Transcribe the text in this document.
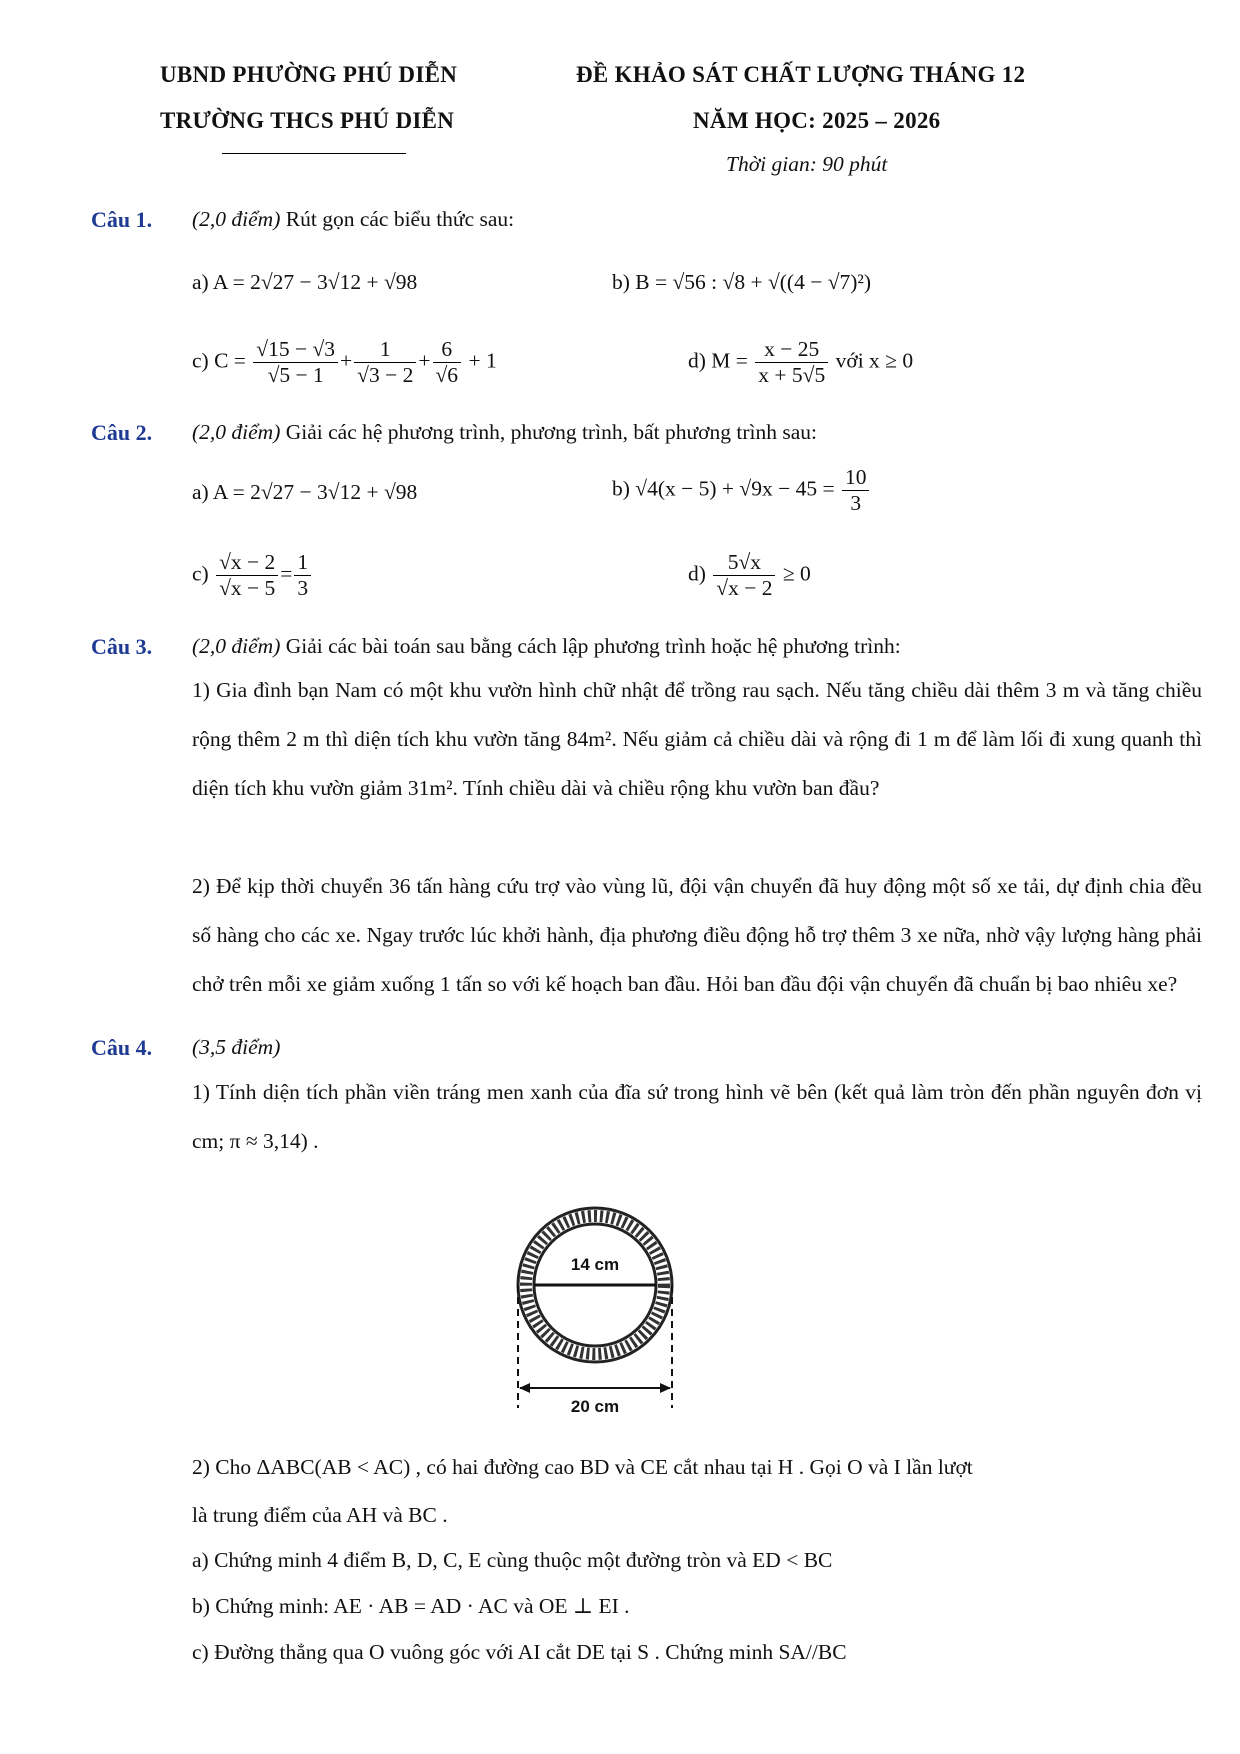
UBND PHƯỜNG PHÚ DIỄN
TRƯỜNG THCS PHÚ DIỄN
ĐỀ KHẢO SÁT CHẤT LƯỢNG THÁNG 12
NĂM HỌC: 2025 – 2026
Thời gian: 90 phút
Câu 1. (2,0 điểm) Rút gọn các biểu thức sau:
a) A = 2√27 − 3√12 + √98	b) B = √56 : √8 + √((4 − √7)²)
c) $C = \frac{√15 - √3}{√5 - 1} + \frac{1}{√3 - 2} + \frac{6}{√6} + 1$	d) $M = \frac{x - 25}{x + 5√5}$ với x ≥ 0
Câu 2. (2,0 điểm) Giải các hệ phương trình, phương trình, bất phương trình sau:
a) A = 2√27 − 3√12 + √98	b) $√4(x - 5) + √9x - 45 = \frac{10}{3}$
$c) \frac{√x - 2}{√x - 5} = \frac{1}{3}$	$d) \frac{5√x}{√x - 2} \ge 0$
Câu 3. (2,0 điểm) Giải các bài toán sau bằng cách lập phương trình hoặc hệ phương trình:
1) Gia đình bạn Nam có một khu vườn hình chữ nhật để trồng rau sạch. Nếu tăng chiều dài thêm 3 m và tăng chiều rộng thêm 2 m thì diện tích khu vườn tăng 84m². Nếu giảm cả chiều dài và rộng đi 1 m để làm lối đi xung quanh thì diện tích khu vườn giảm 31m². Tính chiều dài và chiều rộng khu vườn ban đầu?
2) Để kịp thời chuyển 36 tấn hàng cứu trợ vào vùng lũ, đội vận chuyển đã huy động một số xe tải, dự định chia đều số hàng cho các xe. Ngay trước lúc khởi hành, địa phương điều động hỗ trợ thêm 3 xe nữa, nhờ vậy lượng hàng phải chở trên mỗi xe giảm xuống 1 tấn so với kế hoạch ban đầu. Hỏi ban đầu đội vận chuyển đã chuẩn bị bao nhiêu xe?
Câu 4. (3,5 điểm)
1) Tính diện tích phần viền tráng men xanh của đĩa sứ trong hình vẽ bên (kết quả làm tròn đến phần nguyên đơn vị cm; π ≈ 3,14) .
14 cm
20 cm
2) Cho ΔABC(AB < AC) , có hai đường cao BD và CE cắt nhau tại H . Gọi O và I lần lượt
là trung điểm của AH và BC .
a) Chứng minh 4 điểm B, D, C, E cùng thuộc một đường tròn và ED < BC
b) Chứng minh: AE · AB = AD · AC và OE ⊥ EI .
c) Đường thẳng qua O vuông góc với AI cắt DE tại S . Chứng minh SA//BC
